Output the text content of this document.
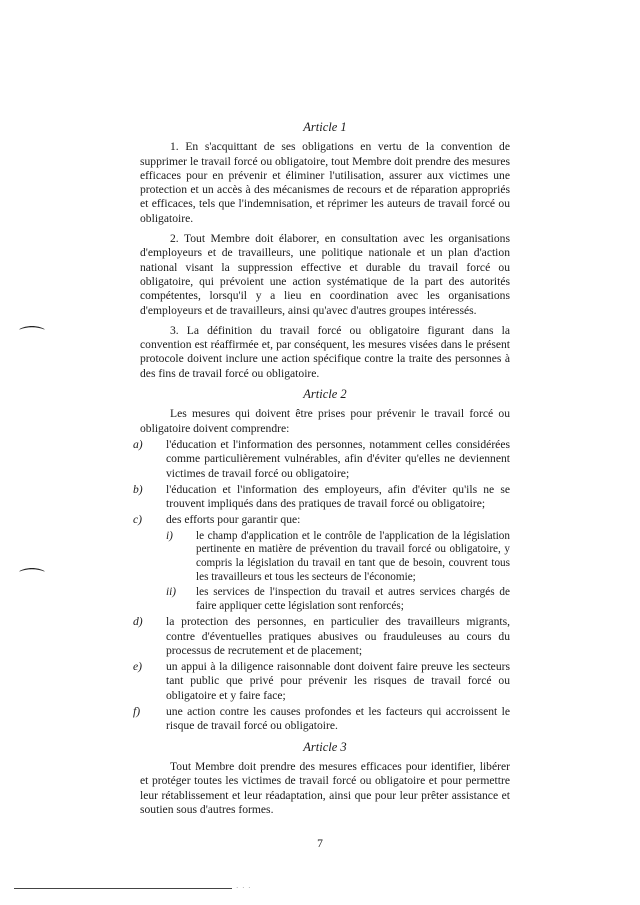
Article 1

1. En s'acquittant de ses obligations en vertu de la convention de supprimer le travail forcé ou obligatoire, tout Membre doit prendre des mesures efficaces pour en prévenir et éliminer l'utilisation, assurer aux victimes une protection et un accès à des mécanismes de recours et de réparation appropriés et efficaces, tels que l'indemnisation, et réprimer les auteurs de travail forcé ou obligatoire.

2. Tout Membre doit élaborer, en consultation avec les organisations d'employeurs et de travailleurs, une politique nationale et un plan d'action national visant la suppression effective et durable du travail forcé ou obligatoire, qui prévoient une action systématique de la part des autorités compétentes, lorsqu'il y a lieu en coordination avec les organisations d'employeurs et de travailleurs, ainsi qu'avec d'autres groupes intéressés.

3. La définition du travail forcé ou obligatoire figurant dans la convention est réaffirmée et, par conséquent, les mesures visées dans le présent protocole doivent inclure une action spécifique contre la traite des personnes à des fins de travail forcé ou obligatoire.

Article 2

Les mesures qui doivent être prises pour prévenir le travail forcé ou obligatoire doivent comprendre:

a) l'éducation et l'information des personnes, notamment celles considérées comme particulièrement vulnérables, afin d'éviter qu'elles ne deviennent victimes de travail forcé ou obligatoire;
b) l'éducation et l'information des employeurs, afin d'éviter qu'ils ne se trouvent impliqués dans des pratiques de travail forcé ou obligatoire;
c) des efforts pour garantir que:
i) le champ d'application et le contrôle de l'application de la législation pertinente en matière de prévention du travail forcé ou obligatoire, y compris la législation du travail en tant que de besoin, couvrent tous les travailleurs et tous les secteurs de l'économie;
ii) les services de l'inspection du travail et autres services chargés de faire appliquer cette législation sont renforcés;
d) la protection des personnes, en particulier des travailleurs migrants, contre d'éventuelles pratiques abusives ou frauduleuses au cours du processus de recrutement et de placement;
e) un appui à la diligence raisonnable dont doivent faire preuve les secteurs tant public que privé pour prévenir les risques de travail forcé ou obligatoire et y faire face;
f) une action contre les causes profondes et les facteurs qui accroissent le risque de travail forcé ou obligatoire.
Article 3

Tout Membre doit prendre des mesures efficaces pour identifier, libérer et protéger toutes les victimes de travail forcé ou obligatoire et pour permettre leur rétablissement et leur réadaptation, ainsi que pour leur prêter assistance et soutien sous d'autres formes.

⌒
⌒
7
· · ·
